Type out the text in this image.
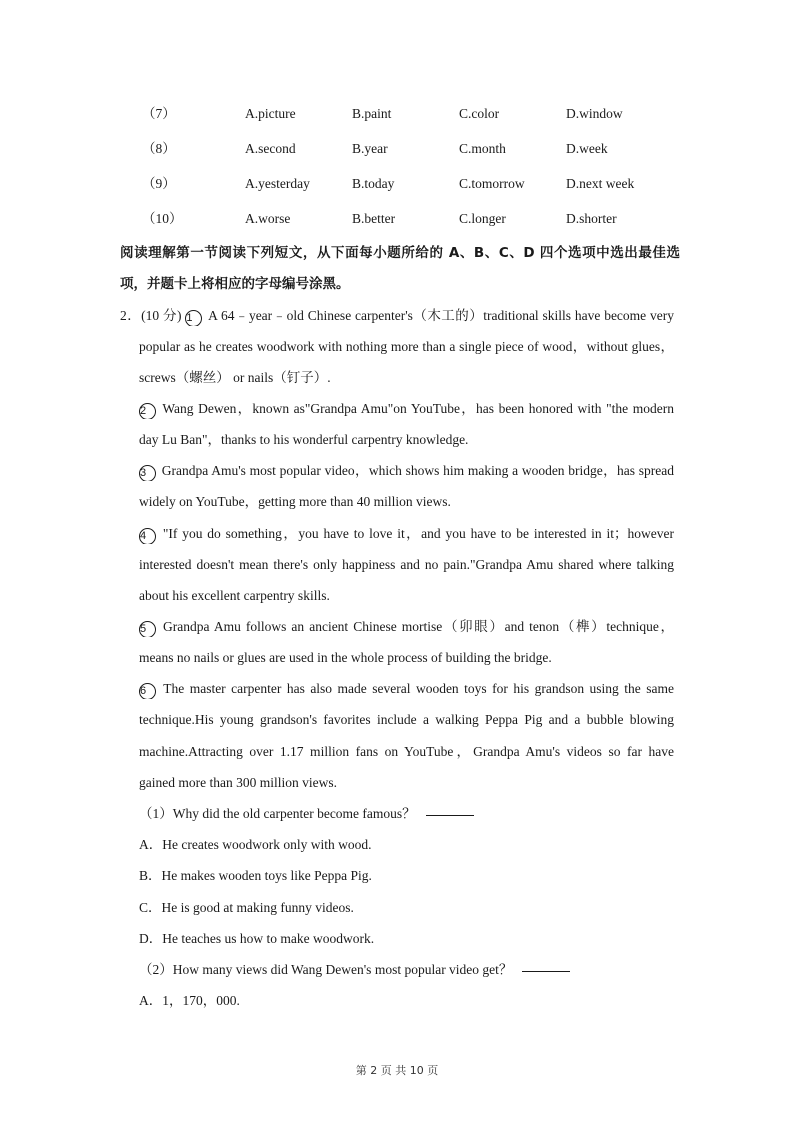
（7）	A.picture	B.paint	C.color	D.window
（8）	A.second	B.year	C.month	D.week
（9）	A.yesterday	B.today	C.tomorrow	D.next week
（10）	A.worse	B.better	C.longer	D.shorter
阅读理解第一节阅读下列短文，从下面每小题所给的 A、B、C、D 四个选项中选出最佳选
项，并题卡上将相应的字母编号涂黑。
2．(10 分) 1 A 64﹣year﹣old Chinese carpenter's（木工的）traditional skills have become very
popular as he creates woodwork with nothing more than a single piece of wood，without glues，
screws（螺丝） or nails（钉子）.
2 Wang Dewen，known as"Grandpa Amu"on YouTube，has been honored with "the modern
day Lu Ban"，thanks to his wonderful carpentry knowledge.
3 Grandpa Amu's most popular video，which shows him making a wooden bridge，has spread
widely on YouTube，getting more than 40 million views.
4 "If you do something，you have to love it，and you have to be interested in it；however
interested doesn't mean there's only happiness and no pain."Grandpa Amu shared where talking
about his excellent carpentry skills.
5 Grandpa Amu follows an ancient Chinese mortise（卯眼）and tenon（榫）technique，
means no nails or glues are used in the whole process of building the bridge.
6 The master carpenter has also made several wooden toys for his grandson using the same
technique.His young grandson's favorites include a walking Peppa Pig and a bubble blowing
machine.Attracting over 1.17 million fans on YouTube，Grandpa Amu's videos so far have
gained more than 300 million views.
（1）Why did the old carpenter become famous？
A．He creates woodwork only with wood.
B．He makes wooden toys like Peppa Pig.
C．He is good at making funny videos.
D．He teaches us how to make woodwork.
（2）How many views did Wang Dewen's most popular video get？
A．1，170，000.
第 2 页 共 10 页
